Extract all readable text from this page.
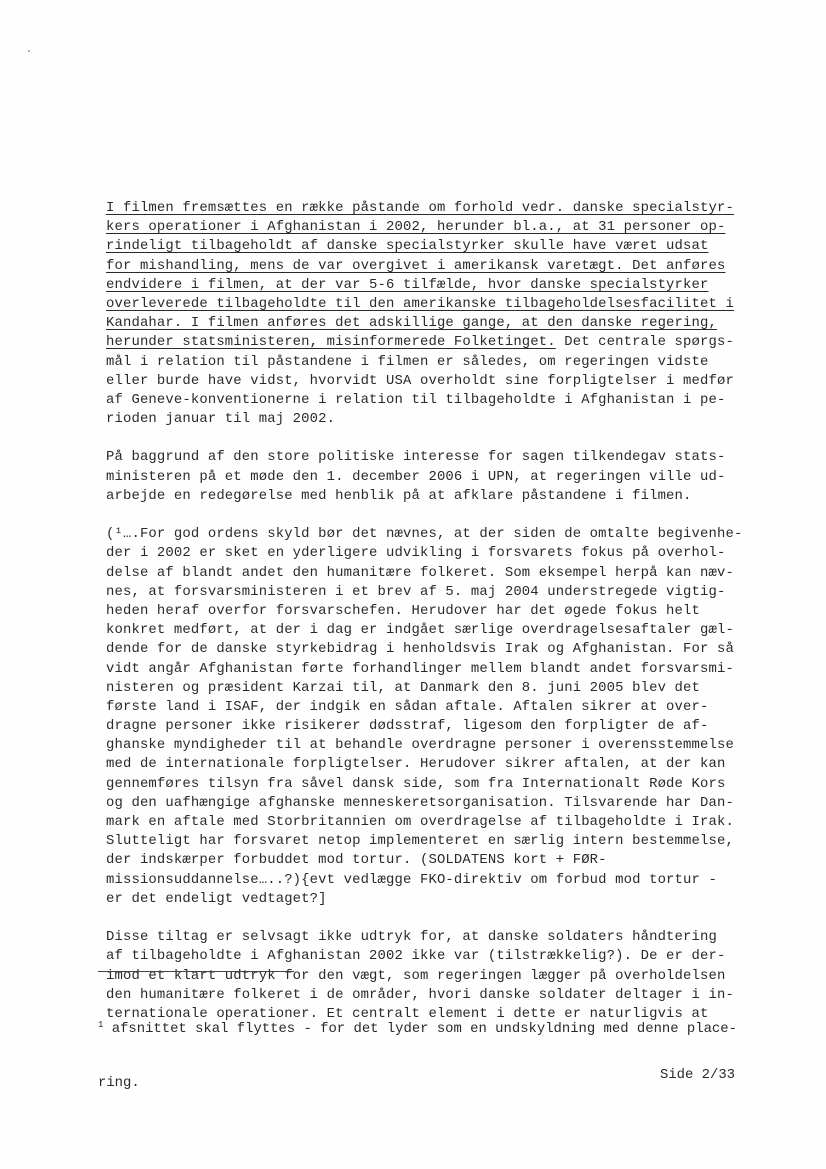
I filmen fremsættes en række påstande om forhold vedr. danske specialstyr-
kers operationer i Afghanistan i 2002, herunder bl.a., at 31 personer op-
rindeligt tilbageholdt af danske specialstyrker skulle have været udsat
for mishandling, mens de var overgivet i amerikansk varetægt. Det anføres
endvidere i filmen, at der var 5-6 tilfælde, hvor danske specialstyrker
overleverede tilbageholdte til den amerikanske tilbageholdelsesfacilitet i
Kandahar. I filmen anføres det adskillige gange, at den danske regering,
herunder statsministeren, misinformerede Folketinget. Det centrale spørgs-
mål i relation til påstandene i filmen er således, om regeringen vidste
eller burde have vidst, hvorvidt USA overholdt sine forpligtelser i medfør
af Geneve-konventionerne i relation til tilbageholdte i Afghanistan i pe-
rioden januar til maj 2002.
På baggrund af den store politiske interesse for sagen tilkendegav stats-
ministeren på et møde den 1. december 2006 i UPN, at regeringen ville ud-
arbejde en redegørelse med henblik på at afklare påstandene i filmen.
(¹….For god ordens skyld bør det nævnes, at der siden de omtalte begivenhe-
der i 2002 er sket en yderligere udvikling i forsvarets fokus på overhol-
delse af blandt andet den humanitære folkeret. Som eksempel herpå kan næv-
nes, at forsvarsministeren i et brev af 5. maj 2004 understregede vigtig-
heden heraf overfor forsvarschefen. Herudover har det øgede fokus helt
konkret medført, at der i dag er indgået særlige overdragelsesaftaler gæl-
dende for de danske styrkebidrag i henholdsvis Irak og Afghanistan. For så
vidt angår Afghanistan førte forhandlinger mellem blandt andet forsvarsmi-
nisteren og præsident Karzai til, at Danmark den 8. juni 2005 blev det
første land i ISAF, der indgik en sådan aftale. Aftalen sikrer at over-
dragne personer ikke risikerer dødsstraf, ligesom den forpligter de af-
ghanske myndigheder til at behandle overdragne personer i overensstemmelse
med de internationale forpligtelser. Herudover sikrer aftalen, at der kan
gennemføres tilsyn fra såvel dansk side, som fra Internationalt Røde Kors
og den uafhængige afghanske menneskeretsorganisation. Tilsvarende har Dan-
mark en aftale med Storbritannien om overdragelse af tilbageholdte i Irak.
Slutteligt har forsvaret netop implementeret en særlig intern bestemmelse,
der indskærper forbuddet mod tortur. (SOLDATENS kort + FØR-
missionsuddannelse…..?){evt vedlægge FKO-direktiv om forbud mod tortur -
er det endeligt vedtaget?]
Disse tiltag er selvsagt ikke udtryk for, at danske soldaters håndtering
af tilbageholdte i Afghanistan 2002 ikke var (tilstrækkelig?). De er der-
imod et klart udtryk for den vægt, som regeringen lægger på overholdelsen
den humanitære folkeret i de områder, hvori danske soldater deltager i in-
ternationale operationer. Et centralt element i dette er naturligvis at

$^1$ afsnittet skal flyttes - for det lyder som en undskyldning med denne place-

ring.

	Side 2/33
